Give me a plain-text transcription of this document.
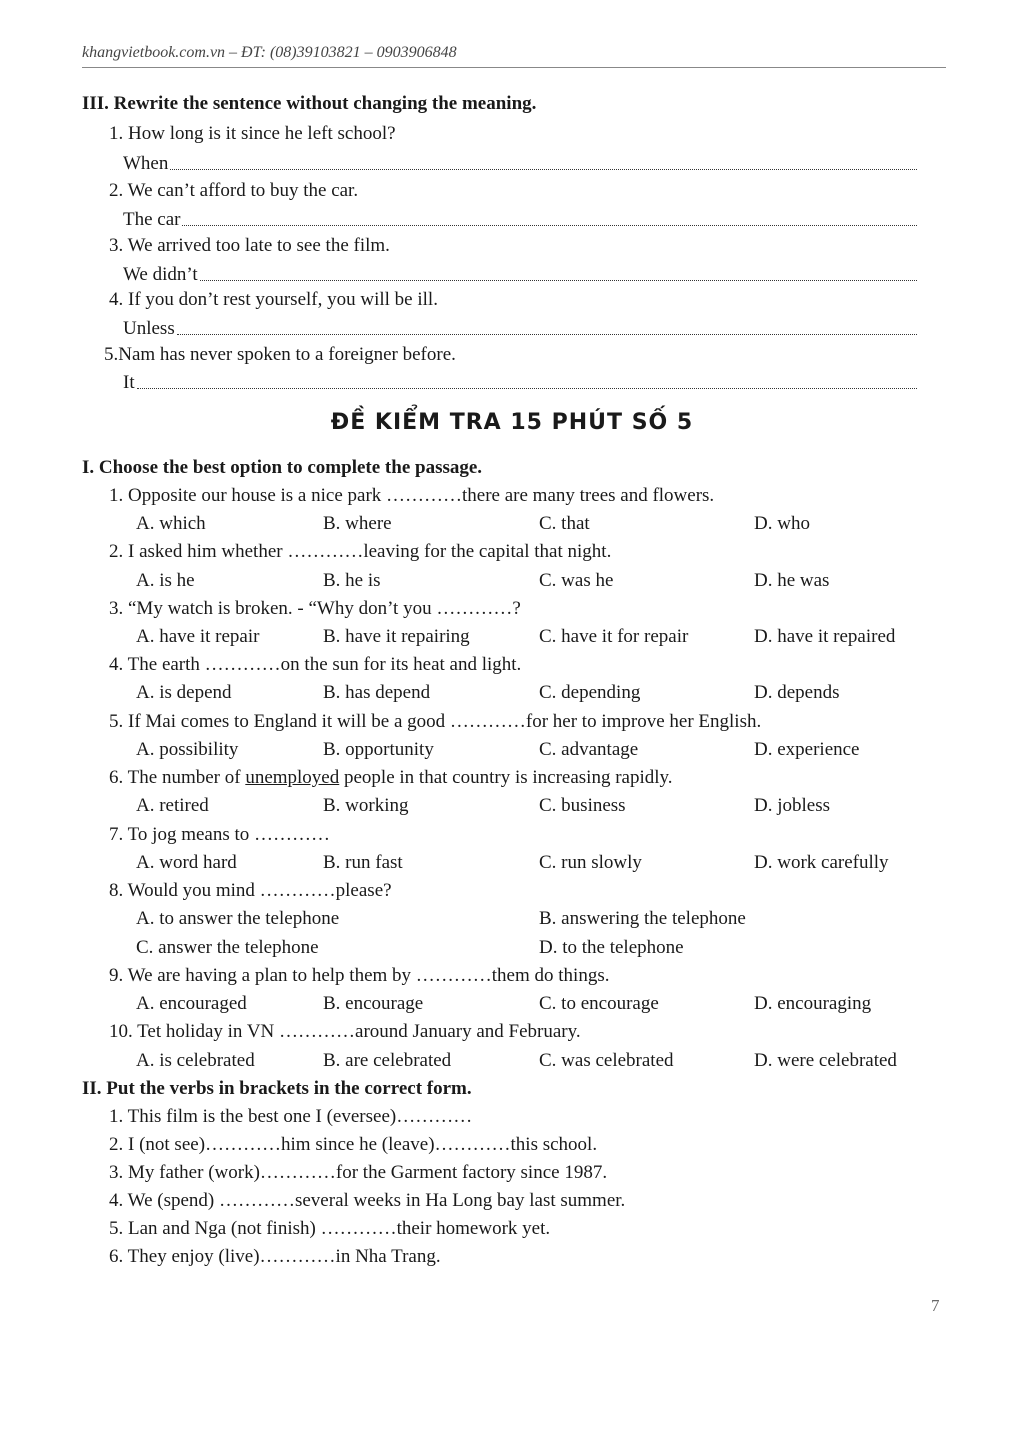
khangvietbook.com.vn – ĐT: (08)39103821 – 0903906848
III. Rewrite the sentence without changing the meaning.
1. How long is it since he left school?
When
2. We can’t afford to buy the car.
The car
3. We arrived too late to see the film.
We didn’t
4. If you don’t rest yourself, you will be ill.
Unless
5.Nam has never spoken to a foreigner before.
It
ĐỀ KIỂM TRA 15 PHÚT SỐ 5
I. Choose the best option to complete the passage.
1. Opposite our house is a nice park …………there are many trees and flowers.
A. which	B. where	C. that	D. who
2. I asked him whether …………leaving for the capital that night.
A. is he	B. he is	C. was he	D. he was
3. “My watch is broken. - “Why don’t you …………?
A. have it repair	B. have it repairing	C. have it for repair	D. have it repaired
4. The earth …………on the sun for its heat and light.
A. is depend	B. has depend	C. depending	D. depends
5. If Mai comes to England it will be a good …………for her to improve her English.
A. possibility	B. opportunity	C. advantage	D. experience
6. The number of unemployed people in that country is increasing rapidly.
A. retired	B. working	C. business	D. jobless
7. To jog means to …………
A. word hard	B. run fast	C. run slowly	D. work carefully
8. Would you mind …………please?
A. to answer the telephone	B. answering the telephone
C. answer the telephone	D. to the telephone
9. We are having a plan to help them by …………them do things.
A. encouraged	B. encourage	C. to encourage	D. encouraging
10. Tet holiday in VN …………around January and February.
A. is celebrated	B. are celebrated	C. was celebrated	D. were celebrated
II. Put the verbs in brackets in the correct form.
1. This film is the best one I (eversee)…………
2. I (not see)…………him since he (leave)…………this school.
3. My father (work)…………for the Garment factory since 1987.
4. We (spend) …………several weeks in Ha Long bay last summer.
5. Lan and Nga (not finish) …………their homework yet.
6. They enjoy (live)…………in Nha Trang.
7
